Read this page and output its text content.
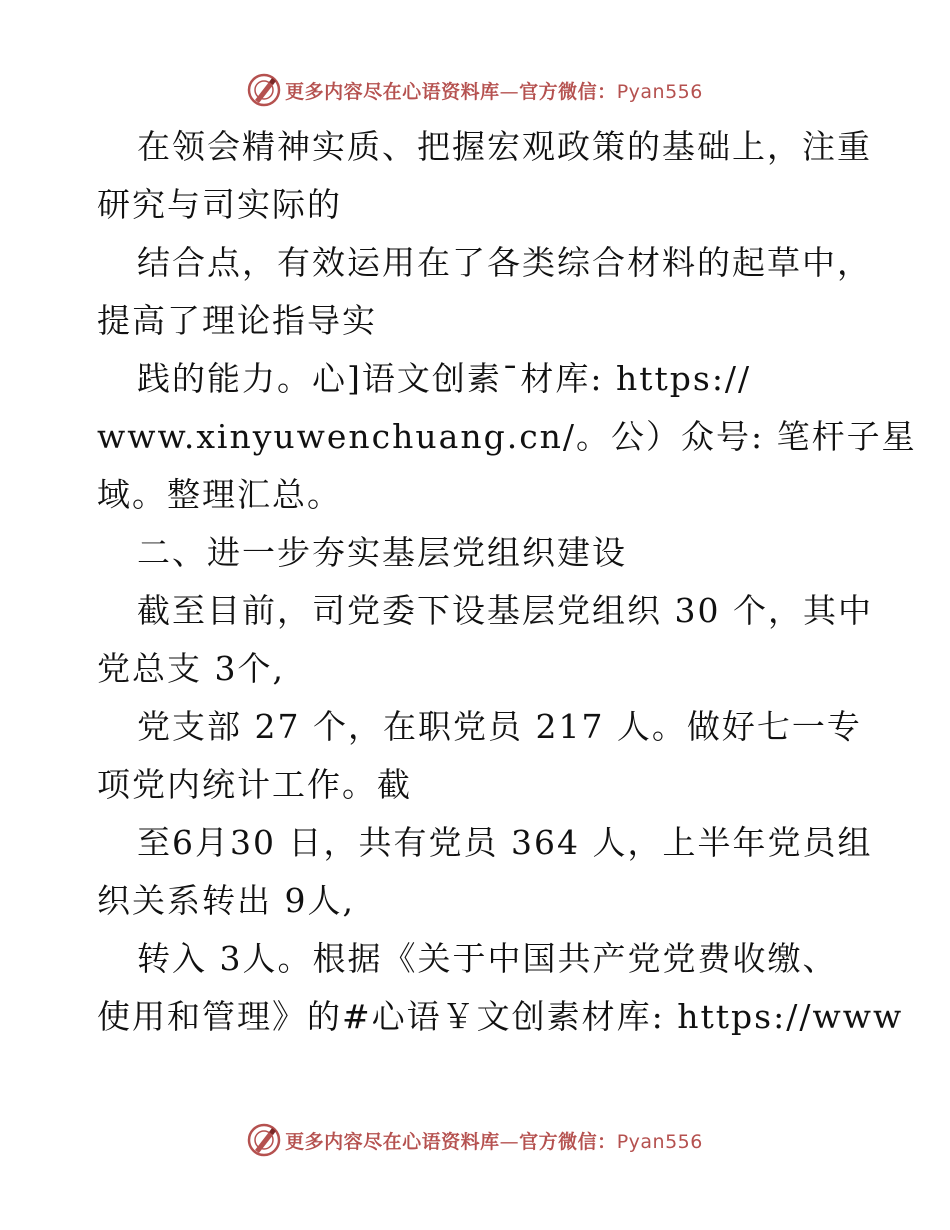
更多内容尽在心语资料库—官方微信：Pyan556
在领会精神实质、把握宏观政策的基础上，注重
研究与司实际的
结合点，有效运用在了各类综合材料的起草中，
提高了理论指导实
践的能力。心]语文创素¯材库: https://
www.xinyuwenchuang.cn/。公）众号: 笔杆子星
域。整理汇总。
二、进一步夯实基层党组织建设
截至目前，司党委下设基层党组织 30 个，其中
党总支 3个,
党支部 27 个，在职党员 217 人。做好七一专
项党内统计工作。截
至6月30 日，共有党员 364 人，上半年党员组
织关系转出 9人,
转入 3人。根据《关于中国共产党党费收缴、
使用和管理》的#心语￥文创素材库: https://www
更多内容尽在心语资料库—官方微信：Pyan556
